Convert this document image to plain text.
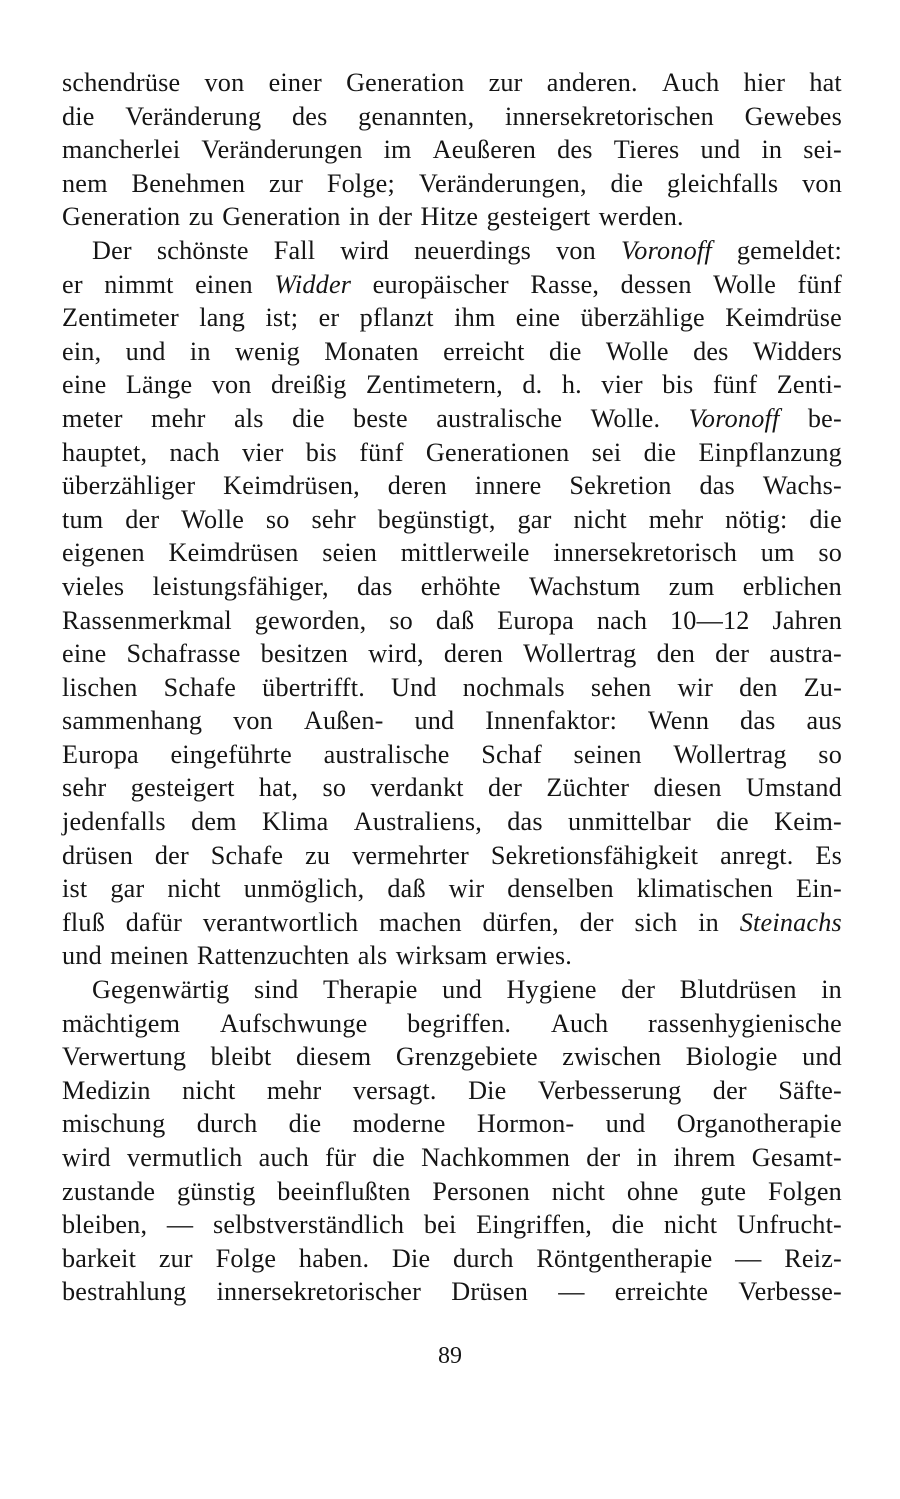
schendrüse von einer Generation zur anderen. Auch hier hat
die Veränderung des genannten, innersekretorischen Gewebes
mancherlei Veränderungen im Aeußeren des Tieres und in sei-
nem Benehmen zur Folge; Veränderungen, die gleichfalls von
Generation zu Generation in der Hitze gesteigert werden.
Der schönste Fall wird neuerdings von Voronoff gemeldet:
er nimmt einen Widder europäischer Rasse, dessen Wolle fünf
Zentimeter lang ist; er pflanzt ihm eine überzählige Keimdrüse
ein, und in wenig Monaten erreicht die Wolle des Widders
eine Länge von dreißig Zentimetern, d. h. vier bis fünf Zenti-
meter mehr als die beste australische Wolle. Voronoff be-
hauptet, nach vier bis fünf Generationen sei die Einpflanzung
überzähliger Keimdrüsen, deren innere Sekretion das Wachs-
tum der Wolle so sehr begünstigt, gar nicht mehr nötig: die
eigenen Keimdrüsen seien mittlerweile innersekretorisch um so
vieles leistungsfähiger, das erhöhte Wachstum zum erblichen
Rassenmerkmal geworden, so daß Europa nach 10—12 Jahren
eine Schafrasse besitzen wird, deren Wollertrag den der austra-
lischen Schafe übertrifft. Und nochmals sehen wir den Zu-
sammenhang von Außen- und Innenfaktor: Wenn das aus
Europa eingeführte australische Schaf seinen Wollertrag so
sehr gesteigert hat, so verdankt der Züchter diesen Umstand
jedenfalls dem Klima Australiens, das unmittelbar die Keim-
drüsen der Schafe zu vermehrter Sekretionsfähigkeit anregt. Es
ist gar nicht unmöglich, daß wir denselben klimatischen Ein-
fluß dafür verantwortlich machen dürfen, der sich in Steinachs
und meinen Rattenzuchten als wirksam erwies.
Gegenwärtig sind Therapie und Hygiene der Blutdrüsen in
mächtigem Aufschwunge begriffen. Auch rassenhygienische
Verwertung bleibt diesem Grenzgebiete zwischen Biologie und
Medizin nicht mehr versagt. Die Verbesserung der Säfte-
mischung durch die moderne Hormon- und Organotherapie
wird vermutlich auch für die Nachkommen der in ihrem Gesamt-
zustande günstig beeinflußten Personen nicht ohne gute Folgen
bleiben, — selbstverständlich bei Eingriffen, die nicht Unfrucht-
barkeit zur Folge haben. Die durch Röntgentherapie — Reiz-
bestrahlung innersekretorischer Drüsen — erreichte Verbesse-
89
